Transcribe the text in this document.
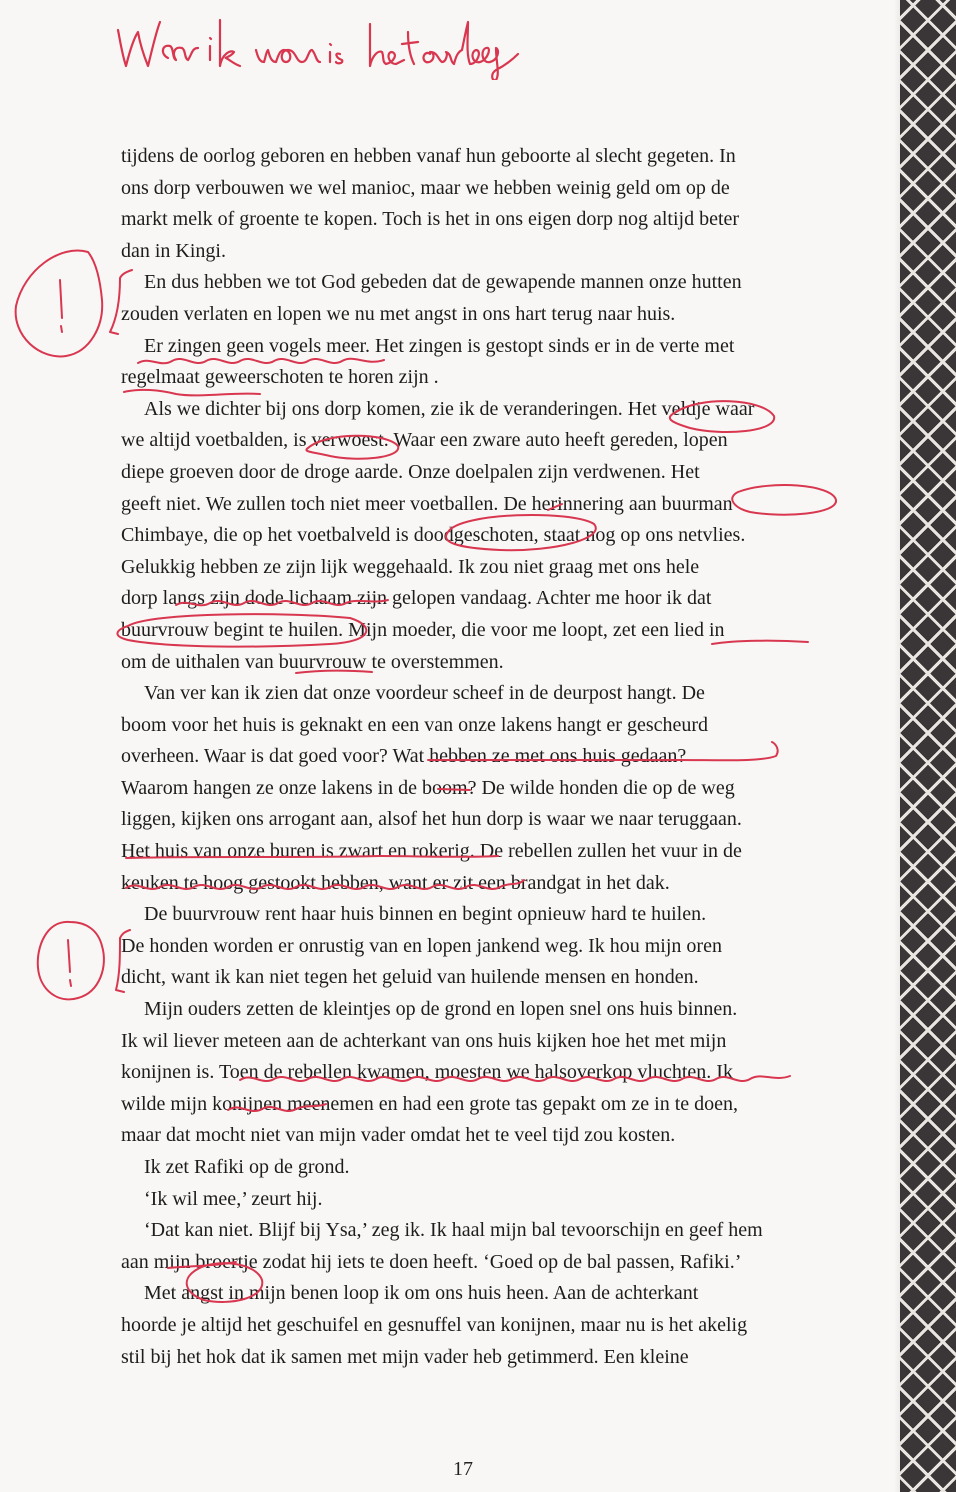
tijdens de oorlog geboren en hebben vanaf hun geboorte al slecht gegeten. In

ons dorp verbouwen we wel manioc, maar we hebben weinig geld om op de

markt melk of groente te kopen. Toch is het in ons eigen dorp nog altijd beter

dan in Kingi.

En dus hebben we tot God gebeden dat de gewapende mannen onze hutten

zouden verlaten en lopen we nu met angst in ons hart terug naar huis.

Er zingen geen vogels meer. Het zingen is gestopt sinds er in de verte met

regelmaat geweerschoten te horen zijn .

Als we dichter bij ons dorp komen, zie ik de veranderingen. Het veldje waar

we altijd voetbalden, is verwoest. Waar een zware auto heeft gereden, lopen

diepe groeven door de droge aarde. Onze doelpalen zijn verdwenen. Het

geeft niet. We zullen toch niet meer voetballen. De herinnering aan buurman

Chimbaye, die op het voetbalveld is doodgeschoten, staat nog op ons netvlies.

Gelukkig hebben ze zijn lijk weggehaald. Ik zou niet graag met ons hele

dorp langs zijn dode lichaam zijn gelopen vandaag. Achter me hoor ik dat

buurvrouw begint te huilen. Mijn moeder, die voor me loopt, zet een lied in

om de uithalen van buurvrouw te overstemmen.

Van ver kan ik zien dat onze voordeur scheef in de deurpost hangt. De

boom voor het huis is geknakt en een van onze lakens hangt er gescheurd

overheen. Waar is dat goed voor? Wat hebben ze met ons huis gedaan?

Waarom hangen ze onze lakens in de boom? De wilde honden die op de weg

liggen, kijken ons arrogant aan, alsof het hun dorp is waar we naar teruggaan.

Het huis van onze buren is zwart en rokerig. De rebellen zullen het vuur in de

keuken te hoog gestookt hebben, want er zit een brandgat in het dak.

De buurvrouw rent haar huis binnen en begint opnieuw hard te huilen.

De honden worden er onrustig van en lopen jankend weg. Ik hou mijn oren

dicht, want ik kan niet tegen het geluid van huilende mensen en honden.

Mijn ouders zetten de kleintjes op de grond en lopen snel ons huis binnen.

Ik wil liever meteen aan de achterkant van ons huis kijken hoe het met mijn

konijnen is. Toen de rebellen kwamen, moesten we halsoverkop vluchten. Ik

wilde mijn konijnen meenemen en had een grote tas gepakt om ze in te doen,

maar dat mocht niet van mijn vader omdat het te veel tijd zou kosten.

Ik zet Rafiki op de grond.

‘Ik wil mee,’ zeurt hij.

‘Dat kan niet. Blijf bij Ysa,’ zeg ik. Ik haal mijn bal tevoorschijn en geef hem

aan mijn broertje zodat hij iets te doen heeft. ‘Goed op de bal passen, Rafiki.’

Met angst in mijn benen loop ik om ons huis heen. Aan de achterkant

hoorde je altijd het geschuifel en gesnuffel van konijnen, maar nu is het akelig

stil bij het hok dat ik samen met mijn vader heb getimmerd. Een kleine

17
